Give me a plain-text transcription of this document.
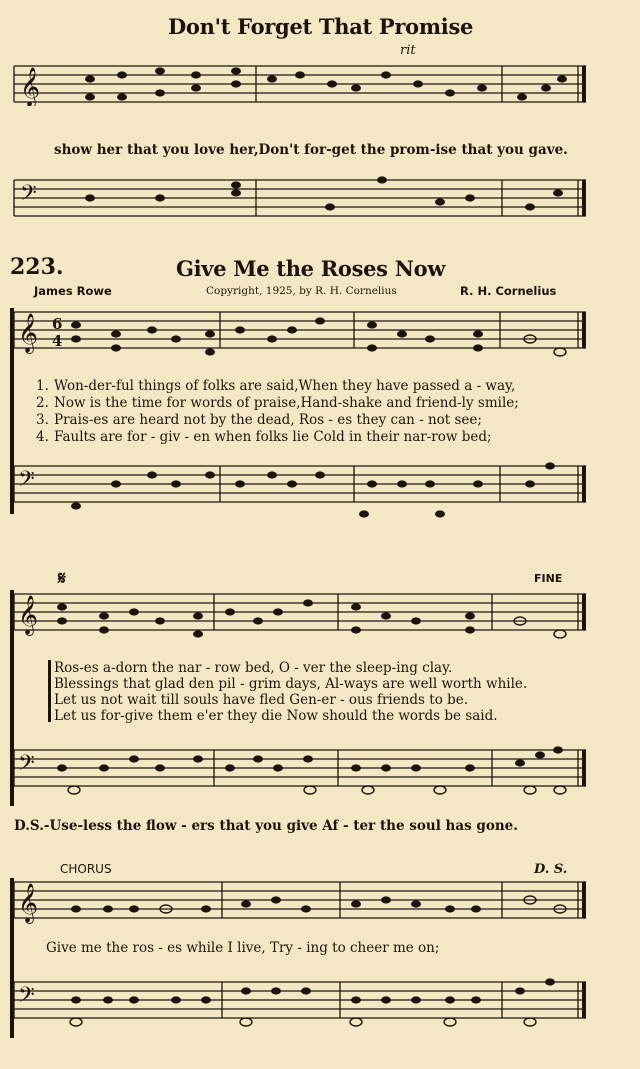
Don't Forget That Promise
rit
𝄞
show her that you love her,Don't for-get the prom-ise that you gave.
𝄢
223.	Give Me the Roses Now
James Rowe	Copyright, 1925, by R. H. Cornelius	R. H. Cornelius
𝄞 6
4
1. Won-der-ful things of folks are said,When they have passed a - way,
2. Now is the time for words of praise,Hand-shake and friend-ly smile;
3. Prais-es are heard not by the dead, Ros - es they can - not see;
4. Faults are for - giv - en when folks lie Cold in their nar-row bed;
𝄢
𝄋	FINE
𝄞
Ros-es a-dorn the nar - row bed, O - ver the sleep-ing clay.
Blessings that glad den pil - grim days, Al-ways are well worth while.
Let us not wait till souls have fled Gen-er - ous friends to be.
Let us for-give them e'er they die Now should the words be said.
𝄢
D.S.-Use-less the flow - ers that you give Af - ter the soul has gone.
CHORUS	D. S.
𝄞
Give me the ros - es while I live, Try - ing to cheer me on;
𝄢
